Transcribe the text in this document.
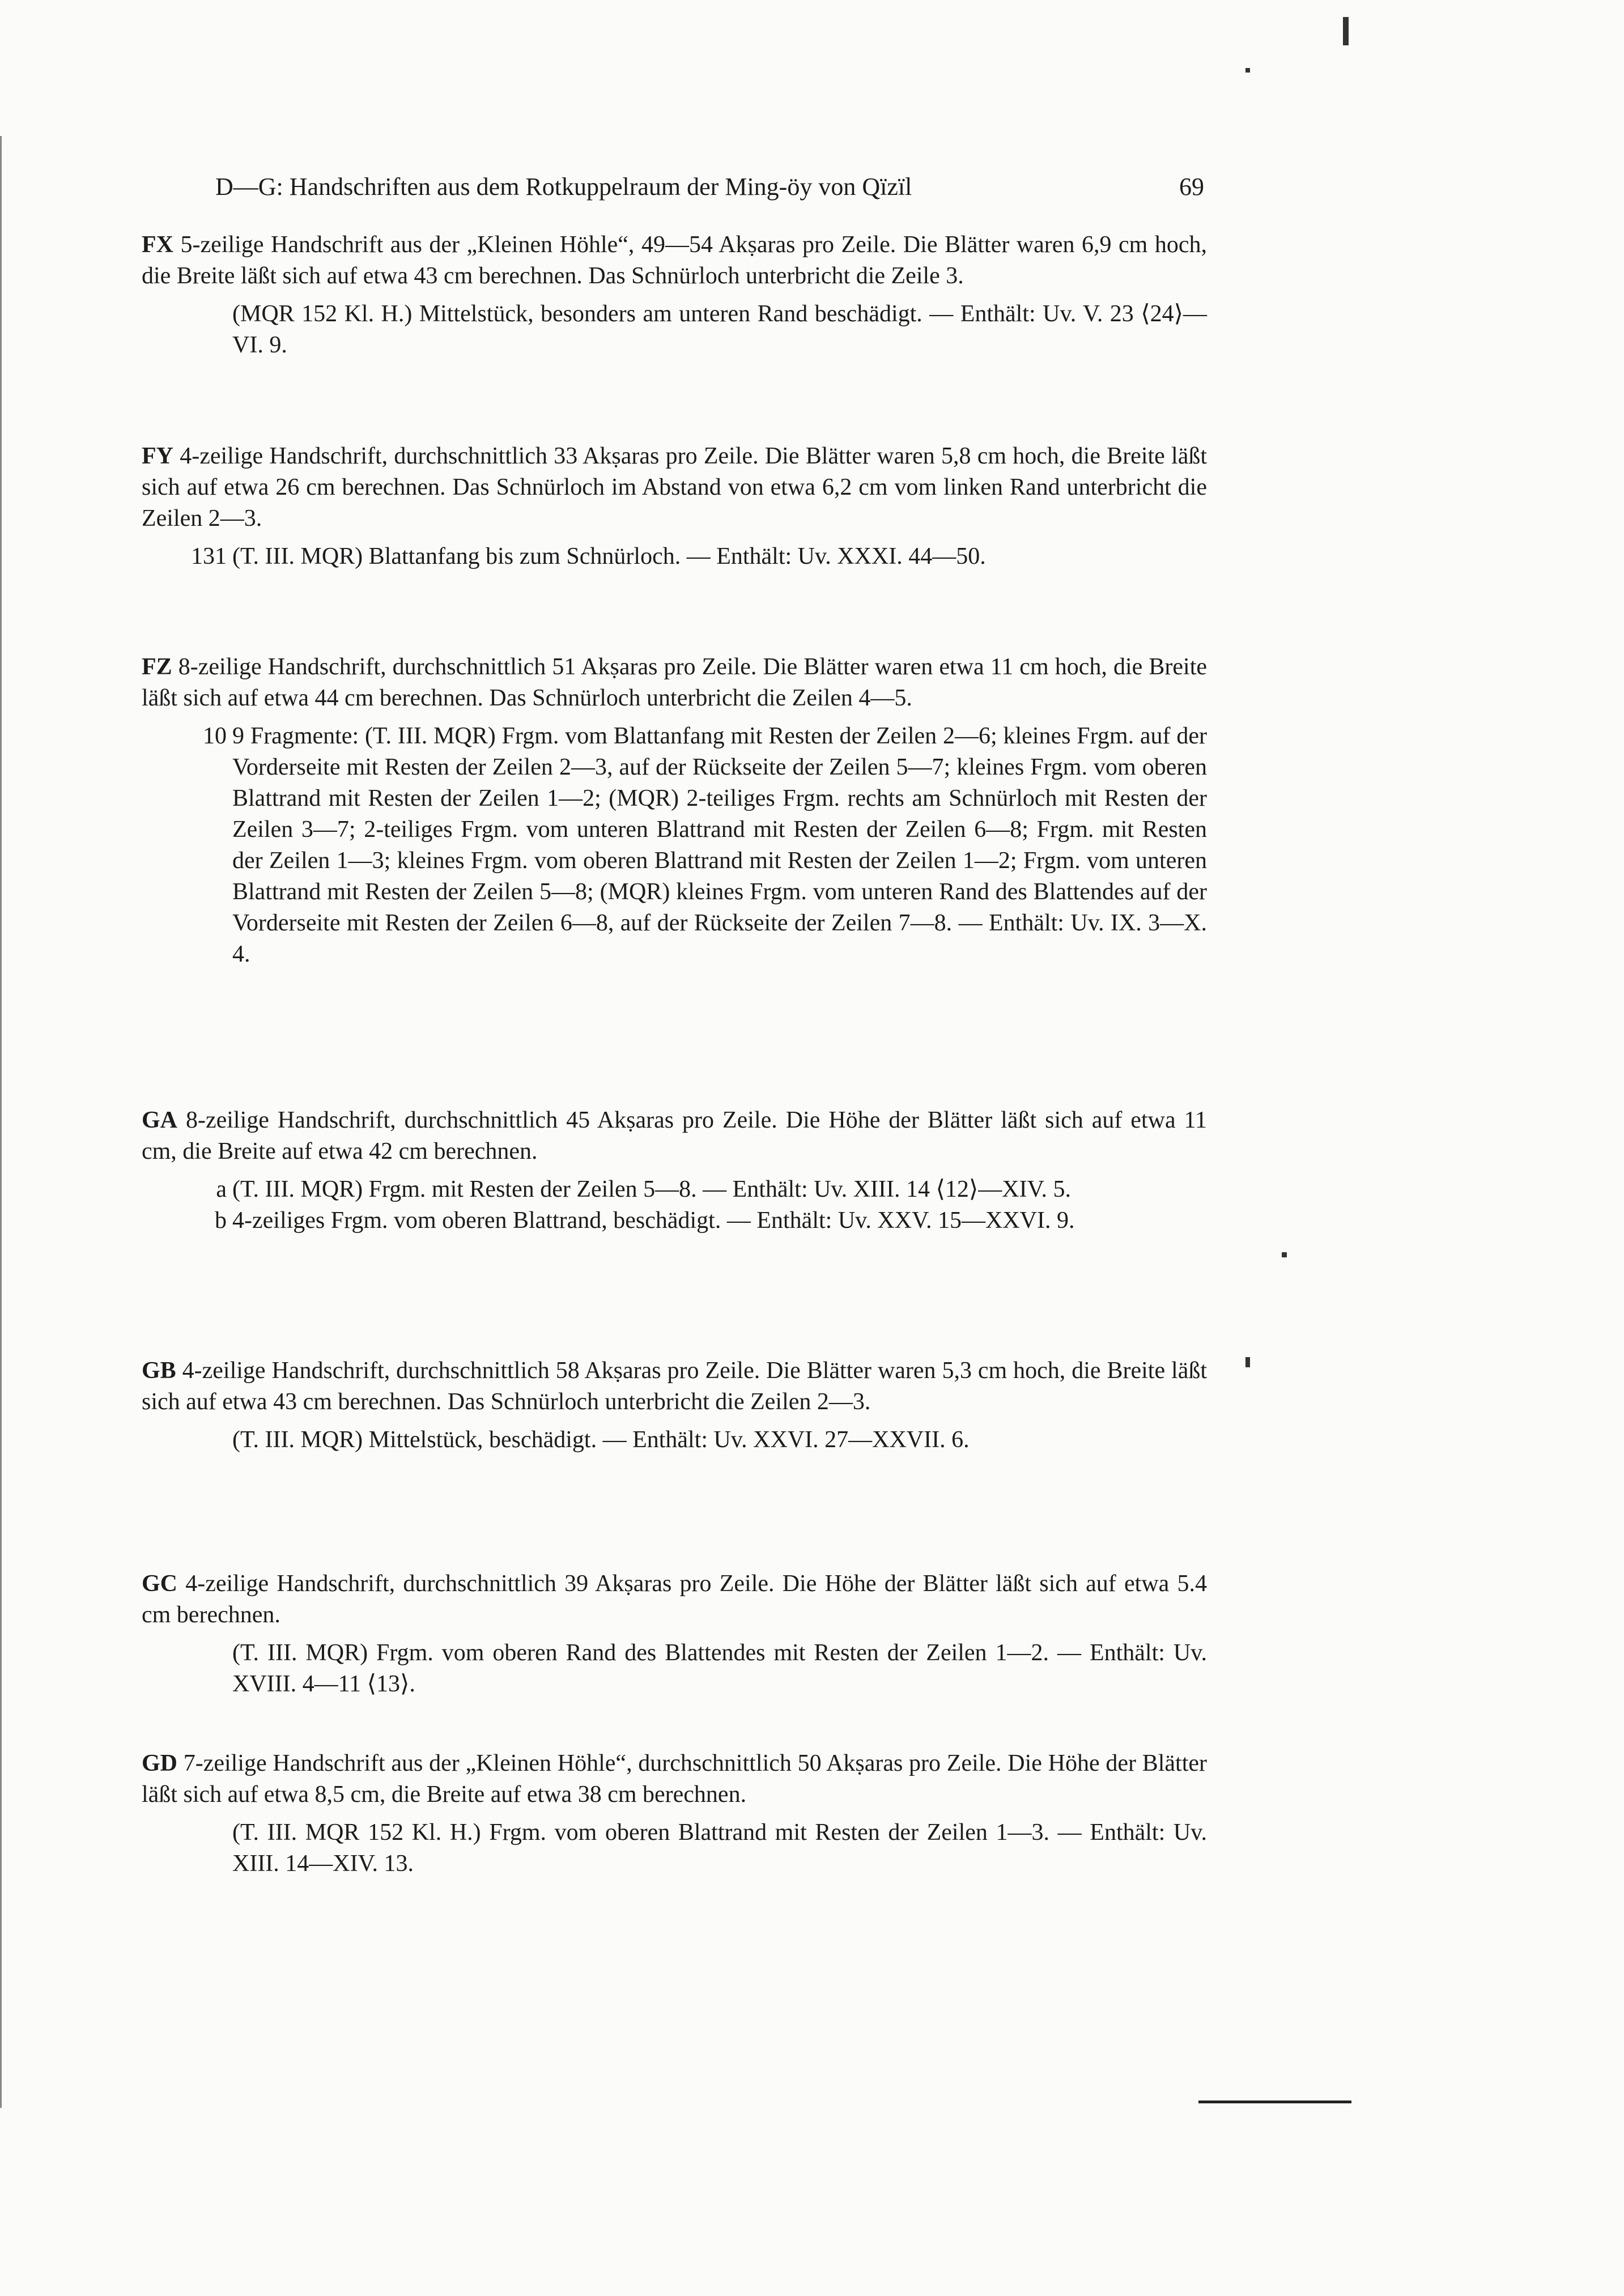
D—G: Handschriften aus dem Rotkuppelraum der Ming-öy von Qïzïl	69
FX 5-zeilige Handschrift aus der „Kleinen Höhle“, 49—54 Akṣaras pro Zeile. Die Blätter waren 6,9 cm hoch, die Breite läßt sich auf etwa 43 cm berechnen. Das Schnürloch unterbricht die Zeile 3.
(MQR 152 Kl. H.) Mittelstück, besonders am unteren Rand beschädigt. — Enthält: Uv. V. 23 ⟨24⟩—VI. 9.
FY 4-zeilige Handschrift, durchschnittlich 33 Akṣaras pro Zeile. Die Blätter waren 5,8 cm hoch, die Breite läßt sich auf etwa 26 cm berechnen. Das Schnürloch im Abstand von etwa 6,2 cm vom linken Rand unterbricht die Zeilen 2—3.
131 (T. III. MQR) Blattanfang bis zum Schnürloch. — Enthält: Uv. XXXI. 44—50.
FZ 8-zeilige Handschrift, durchschnittlich 51 Akṣaras pro Zeile. Die Blätter waren etwa 11 cm hoch, die Breite läßt sich auf etwa 44 cm berechnen. Das Schnürloch unterbricht die Zeilen 4—5.
10 9 Fragmente: (T. III. MQR) Frgm. vom Blattanfang mit Resten der Zeilen 2—6; kleines Frgm. auf der Vorderseite mit Resten der Zeilen 2—3, auf der Rückseite der Zeilen 5—7; kleines Frgm. vom oberen Blattrand mit Resten der Zeilen 1—2; (MQR) 2-teiliges Frgm. rechts am Schnürloch mit Resten der Zeilen 3—7; 2-teiliges Frgm. vom unteren Blattrand mit Resten der Zeilen 6—8; Frgm. mit Resten der Zeilen 1—3; kleines Frgm. vom oberen Blattrand mit Resten der Zeilen 1—2; Frgm. vom unteren Blattrand mit Resten der Zeilen 5—8; (MQR) kleines Frgm. vom unteren Rand des Blattendes auf der Vorderseite mit Resten der Zeilen 6—8, auf der Rückseite der Zeilen 7—8. — Enthält: Uv. IX. 3—X. 4.
GA 8-zeilige Handschrift, durchschnittlich 45 Akṣaras pro Zeile. Die Höhe der Blätter läßt sich auf etwa 11 cm, die Breite auf etwa 42 cm berechnen.
a (T. III. MQR) Frgm. mit Resten der Zeilen 5—8. — Enthält: Uv. XIII. 14 ⟨12⟩—XIV. 5.
b 4-zeiliges Frgm. vom oberen Blattrand, beschädigt. — Enthält: Uv. XXV. 15—XXVI. 9.
GB 4-zeilige Handschrift, durchschnittlich 58 Akṣaras pro Zeile. Die Blätter waren 5,3 cm hoch, die Breite läßt sich auf etwa 43 cm berechnen. Das Schnürloch unterbricht die Zeilen 2—3.
(T. III. MQR) Mittelstück, beschädigt. — Enthält: Uv. XXVI. 27—XXVII. 6.
GC 4-zeilige Handschrift, durchschnittlich 39 Akṣaras pro Zeile. Die Höhe der Blätter läßt sich auf etwa 5.4 cm berechnen.
(T. III. MQR) Frgm. vom oberen Rand des Blattendes mit Resten der Zeilen 1—2. — Enthält: Uv. XVIII. 4—11 ⟨13⟩.
GD 7-zeilige Handschrift aus der „Kleinen Höhle“, durchschnittlich 50 Akṣaras pro Zeile. Die Höhe der Blätter läßt sich auf etwa 8,5 cm, die Breite auf etwa 38 cm berechnen.
(T. III. MQR 152 Kl. H.) Frgm. vom oberen Blattrand mit Resten der Zeilen 1—3. — Enthält: Uv. XIII. 14—XIV. 13.
